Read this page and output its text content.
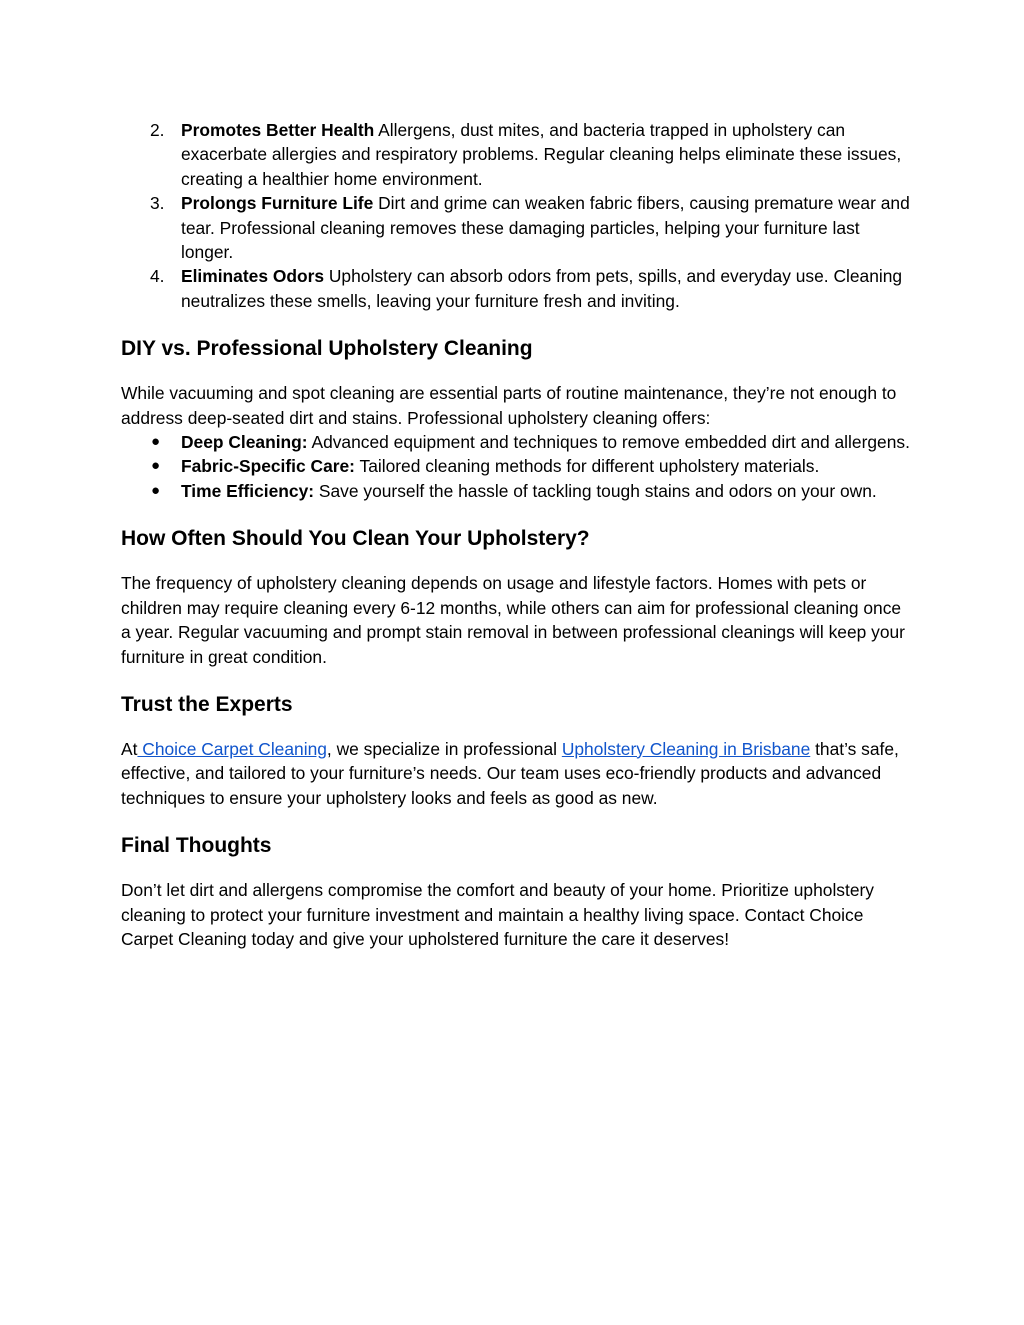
2. Promotes Better Health Allergens, dust mites, and bacteria trapped in upholstery can exacerbate allergies and respiratory problems. Regular cleaning helps eliminate these issues, creating a healthier home environment.
3. Prolongs Furniture Life Dirt and grime can weaken fabric fibers, causing premature wear and tear. Professional cleaning removes these damaging particles, helping your furniture last longer.
4. Eliminates Odors Upholstery can absorb odors from pets, spills, and everyday use. Cleaning neutralizes these smells, leaving your furniture fresh and inviting.
DIY vs. Professional Upholstery Cleaning

While vacuuming and spot cleaning are essential parts of routine maintenance, they’re not enough to address deep-seated dirt and stains. Professional upholstery cleaning offers:

● Deep Cleaning: Advanced equipment and techniques to remove embedded dirt and allergens.
● Fabric-Specific Care: Tailored cleaning methods for different upholstery materials.
● Time Efficiency: Save yourself the hassle of tackling tough stains and odors on your own.
How Often Should You Clean Your Upholstery?

The frequency of upholstery cleaning depends on usage and lifestyle factors. Homes with pets or children may require cleaning every 6-12 months, while others can aim for professional cleaning once a year. Regular vacuuming and prompt stain removal in between professional cleanings will keep your furniture in great condition.

Trust the Experts

At Choice Carpet Cleaning, we specialize in professional Upholstery Cleaning in Brisbane that’s safe, effective, and tailored to your furniture’s needs. Our team uses eco-friendly products and advanced techniques to ensure your upholstery looks and feels as good as new.

Final Thoughts

Don’t let dirt and allergens compromise the comfort and beauty of your home. Prioritize upholstery cleaning to protect your furniture investment and maintain a healthy living space. Contact Choice Carpet Cleaning today and give your upholstered furniture the care it deserves!
